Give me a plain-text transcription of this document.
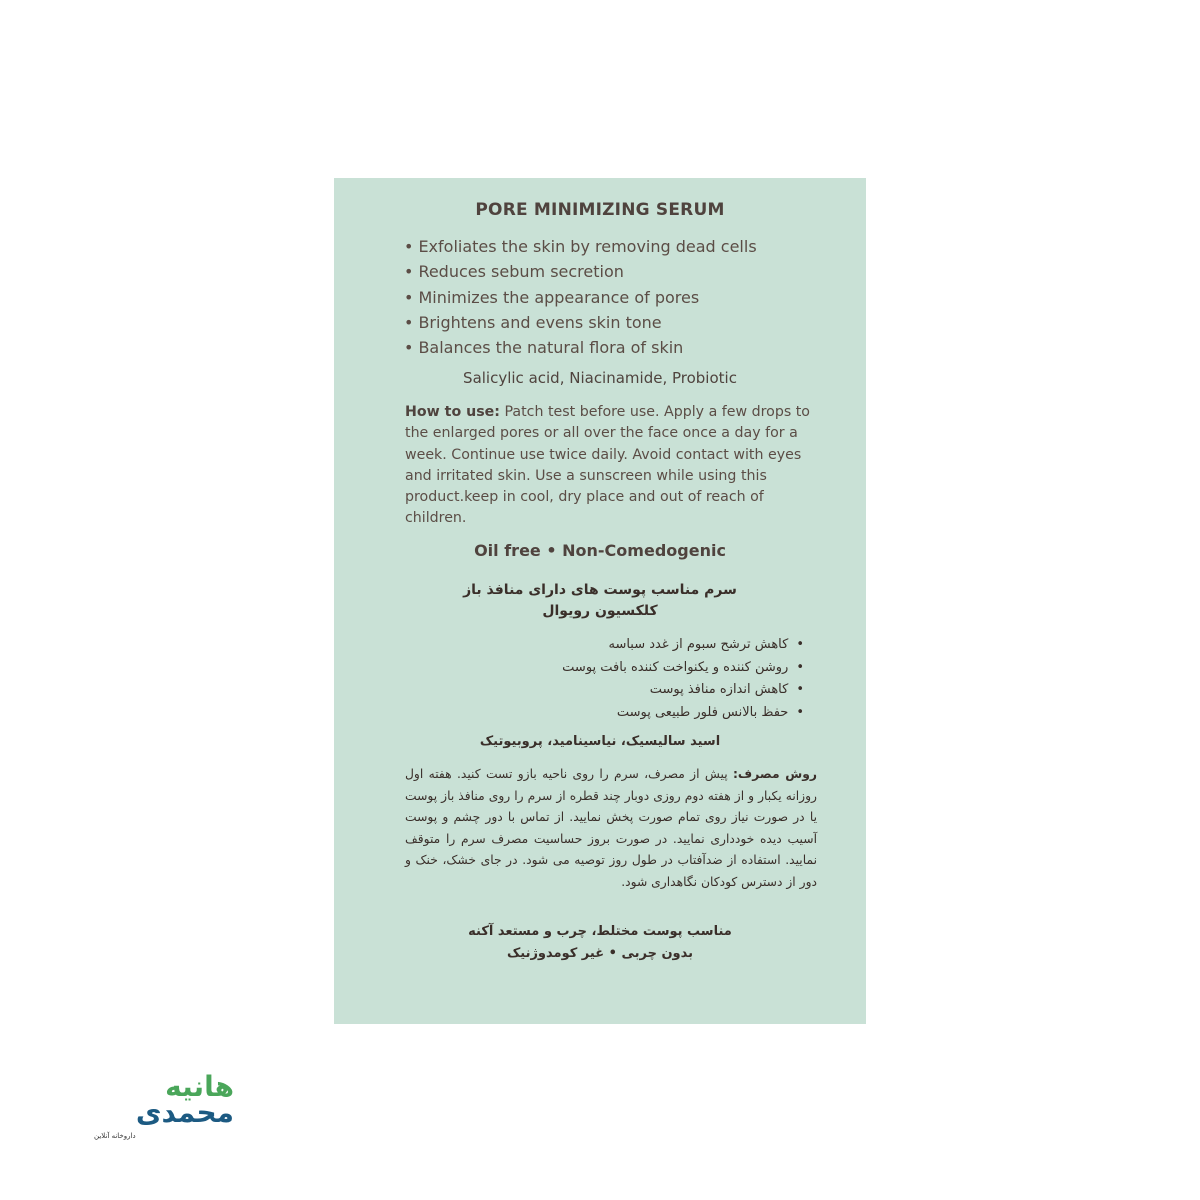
PORE MINIMIZING SERUM
• Exfoliates the skin by removing dead cells
• Reduces sebum secretion
• Minimizes the appearance of pores
• Brightens and evens skin tone
• Balances the natural flora of skin
Salicylic acid, Niacinamide, Probiotic
How to use: Patch test before use. Apply a few drops to the enlarged pores or all over the face once a day for a week. Continue use twice daily. Avoid contact with eyes and irritated skin. Use a sunscreen while using this product.keep in cool, dry place and out of reach of children.
Oil free • Non-Comedogenic
سرم مناسب پوست های دارای منافذ باز
کلکسیون رویوال
•کاهش ترشح سبوم از غدد سباسه
•روشن کننده و یکنواخت کننده بافت پوست
•کاهش اندازه منافذ پوست
•حفظ بالانس فلور طبیعی پوست
اسید سالیسیک، نیاسینامید، پروبیوتیک
روش مصرف: پیش از مصرف، سرم را روی ناحیه بازو تست کنید. هفته اول روزانه یکبار و از هفته دوم روزی دوبار چند قطره از سرم را روی منافذ باز پوست یا در صورت نیاز روی تمام صورت پخش نمایید. از تماس با دور چشم و پوست آسیب دیده خودداری نمایید. در صورت بروز حساسیت مصرف سرم را متوقف نمایید. استفاده از ضدآفتاب در طول روز توصیه می شود. در جای خشک، خنک و دور از دسترس کودکان نگاهداری شود.
مناسب پوست مختلط، چرب و مستعد آکنه
بدون چربی • غیر کومدوژنیک
هانیه
محمدی
داروخانه آنلاین
